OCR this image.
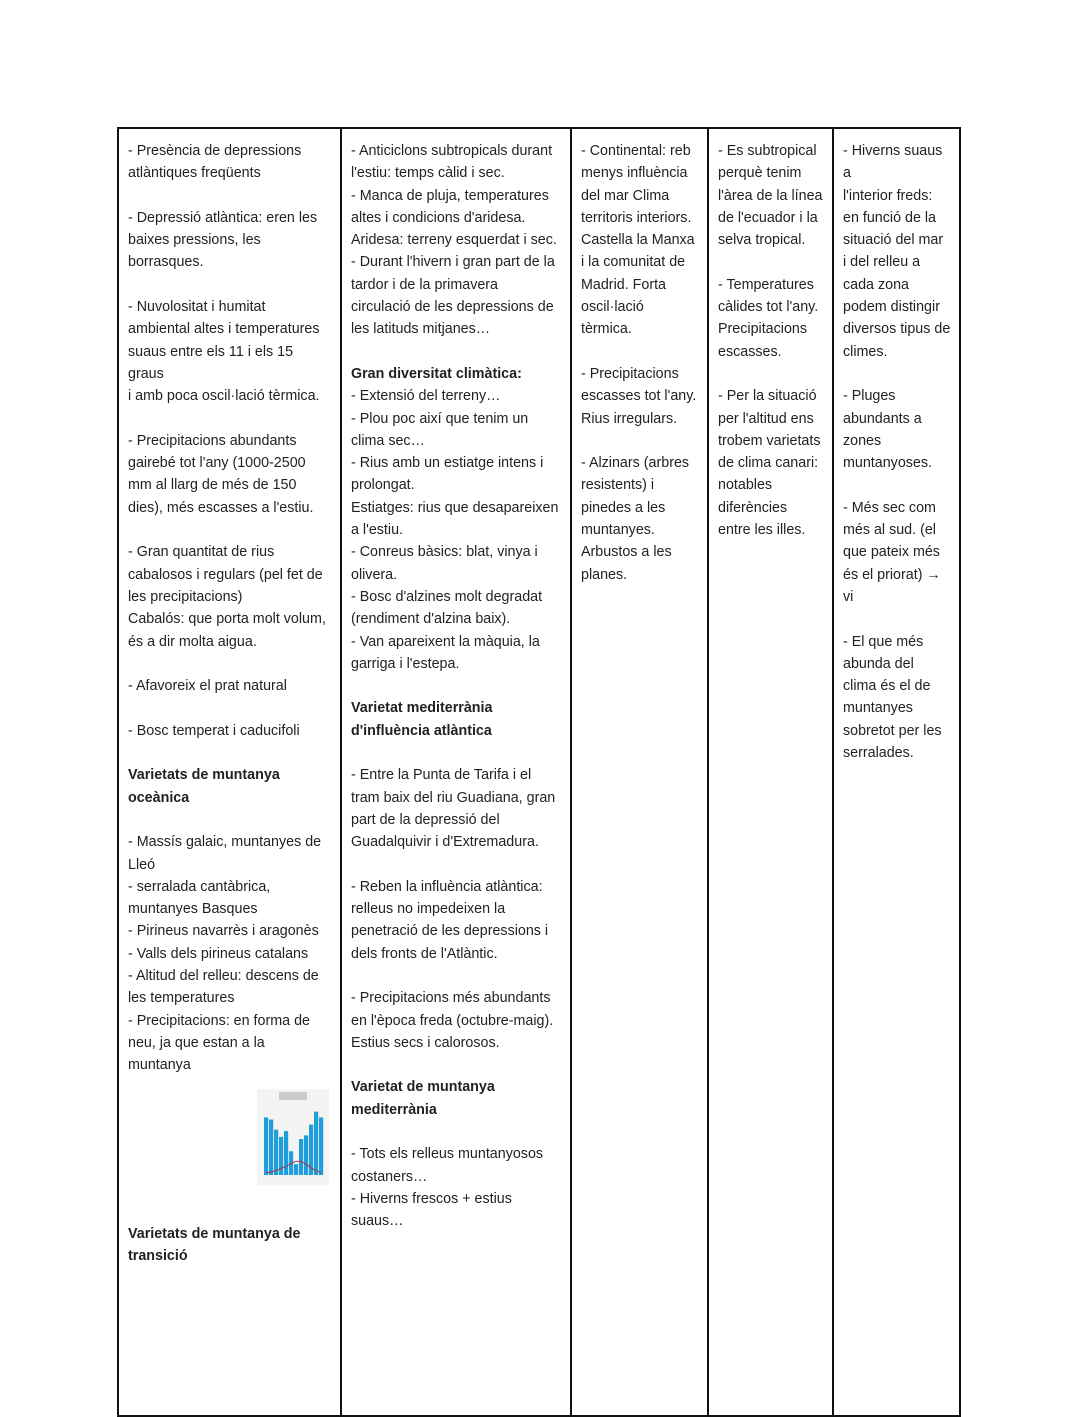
- Presència de depressions
atlàntiques freqüents
- Depressió atlàntica: eren les
baixes pressions, les
borrasques.
- Nuvolositat i humitat
ambiental altes i temperatures
suaus entre els 11 i els 15 graus
i amb poca oscil·lació tèrmica.
- Precipitacions abundants
gairebé tot l'any (1000-2500
mm al llarg de més de 150
dies), més escasses a l'estiu.
- Gran quantitat de rius
cabalosos i regulars (pel fet de
les precipitacions)
Cabalós: que porta molt volum,
és a dir molta aigua.
- Afavoreix el prat natural
- Bosc temperat i caducifoli
Varietats de muntanya
oceànica
- Massís galaic, muntanyes de
Lleó
- serralada cantàbrica,
muntanyes Basques
- Pirineus navarrès i aragonès
- Valls dels pirineus catalans
- Altitud del relleu: descens de
les temperatures
- Precipitacions: en forma de
neu, ja que estan a la
muntanya
Varietats de muntanya de
transició
- Anticiclons subtropicals durant
l'estiu: temps càlid i sec.
- Manca de pluja, temperatures
altes i condicions d'aridesa.
Aridesa: terreny esquerdat i sec.
- Durant l'hivern i gran part de la
tardor i de la primavera
circulació de les depressions de
les latituds mitjanes…
Gran diversitat climàtica:
- Extensió del terreny…
- Plou poc així que tenim un
clima sec…
- Rius amb un estiatge intens i
prolongat.
Estiatges: rius que desapareixen
a l'estiu.
- Conreus bàsics: blat, vinya i
olivera.
- Bosc d'alzines molt degradat
(rendiment d'alzina baix).
- Van apareixent la màquia, la
garriga i l'estepa.
Varietat mediterrània
d'influència atlàntica
- Entre la Punta de Tarifa i el
tram baix del riu Guadiana, gran
part de la depressió del
Guadalquivir i d'Extremadura.
- Reben la influència atlàntica:
relleus no impedeixen la
penetració de les depressions i
dels fronts de l'Atlàntic.
- Precipitacions més abundants
en l'època freda (octubre-maig).
Estius secs i calorosos.
Varietat de muntanya
mediterrània
- Tots els relleus muntanyosos
costaners…
- Hiverns frescos + estius
suaus…
- Continental: reb
menys influència
del mar Clima
territoris interiors.
Castella la Manxa
i la comunitat de
Madrid. Forta
oscil·lació
tèrmica.
- Precipitacions
escasses tot l'any.
Rius irregulars.
- Alzinars (arbres
resistents) i
pinedes a les
muntanyes.
Arbustos a les
planes.
- Es subtropical
perquè tenim
l'àrea de la línea
de l'ecuador i la
selva tropical.
- Temperatures
càlides tot l'any.
Precipitacions
escasses.
- Per la situació
per l'altitud ens
trobem varietats
de clima canari:
notables
diferències
entre les illes.
- Hiverns suaus a
l'interior freds:
en funció de la
situació del mar
i del relleu a
cada zona
podem distingir
diversos tipus de
climes.
- Pluges
abundants a
zones
muntanyoses.
- Més sec com
més al sud. (el
que pateix més
és el priorat) →
vi
- El que més
abunda del
clima és el de
muntanyes
sobretot per les
serralades.
